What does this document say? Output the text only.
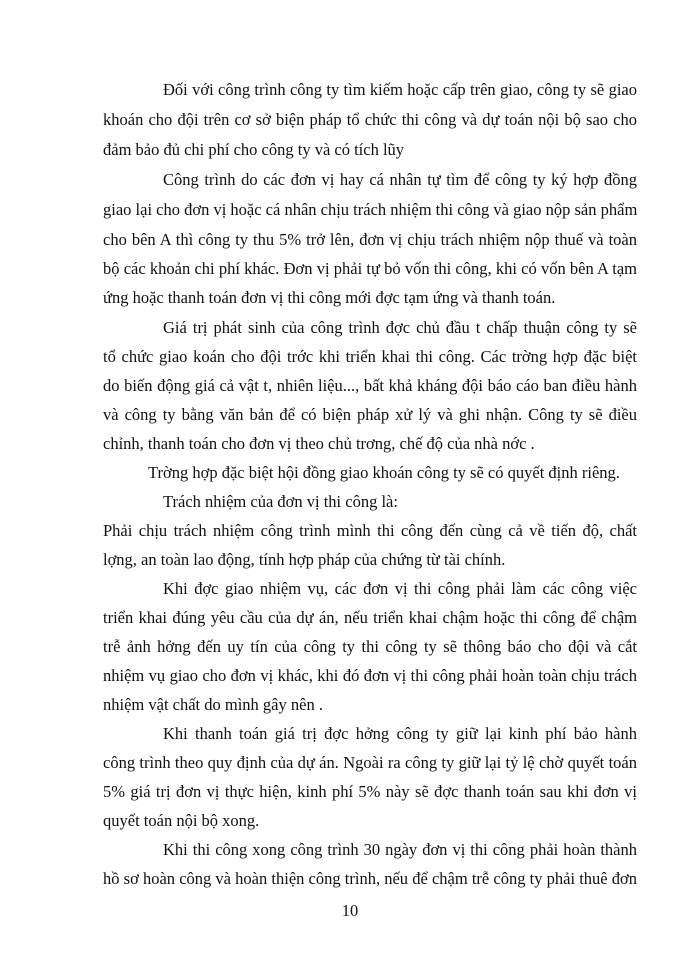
Đối với công trình công ty tìm kiếm hoặc cấp trên giao, công ty sẽ giao
khoán cho đội trên cơ sở biện pháp tổ chức thi công và dự toán nội bộ sao cho
đảm bảo đủ chi phí cho công ty và có tích lũy
Công trình do các đơn vị hay cá nhân tự tìm để công ty ký hợp đồng
giao lại cho đơn vị hoặc cá nhân chịu trách nhiệm thi công và giao nộp sản phẩm
cho bên A thì công ty thu 5% trở lên, đơn vị chịu trách nhiệm nộp thuế và toàn
bộ các khoản chi phí khác. Đơn vị phải tự bỏ vốn thi công, khi có vốn bên A tạm
ứng hoặc thanh toán đơn vị thi công mới đợc tạm ứng và thanh toán.
Giá trị phát sinh của công trình đợc chủ đầu t chấp thuận công ty sẽ
tổ chức giao koán cho đội trớc khi triển khai thi công. Các trờng hợp đặc biệt
do biến động giá cả vật t, nhiên liệu..., bất khả kháng đội báo cáo ban điều hành
và công ty bằng văn bản để có biện pháp xử lý và ghi nhận. Công ty sẽ điều
chỉnh, thanh toán cho đơn vị theo chủ trơng, chế độ của nhà nớc .
Trờng hợp đặc biệt hội đồng giao khoán công ty sẽ có quyết định riêng.
Trách nhiệm của đơn vị thi công là:
Phải chịu trách nhiệm công trình mình thi công đến cùng cả về tiến độ, chất
lợng, an toàn lao động, tính hợp pháp của chứng từ tài chính.
Khi đợc giao nhiệm vụ, các đơn vị thi công phải làm các công việc
triển khai đúng yêu cầu của dự án, nếu triển khai chậm hoặc thi công để chậm
trễ ảnh hởng đến uy tín của công ty thi công ty sẽ thông báo cho đội và cắt
nhiệm vụ giao cho đơn vị khác, khi đó đơn vị thi công phải hoàn toàn chịu trách
nhiệm vật chất do mình gây nên .
Khi thanh toán giá trị đợc hởng công ty giữ lại kinh phí bảo hành
công trình theo quy định của dự án. Ngoài ra công ty giữ lại tỷ lệ chờ quyết toán
5% giá trị đơn vị thực hiện, kinh phí 5% này sẽ đợc thanh toán sau khi đơn vị
quyết toán nội bộ xong.
Khi thi công xong công trình 30 ngày đơn vị thi công phải hoàn thành
hồ sơ hoàn công và hoàn thiện công trình, nếu để chậm trễ công ty phải thuê đơn
10
